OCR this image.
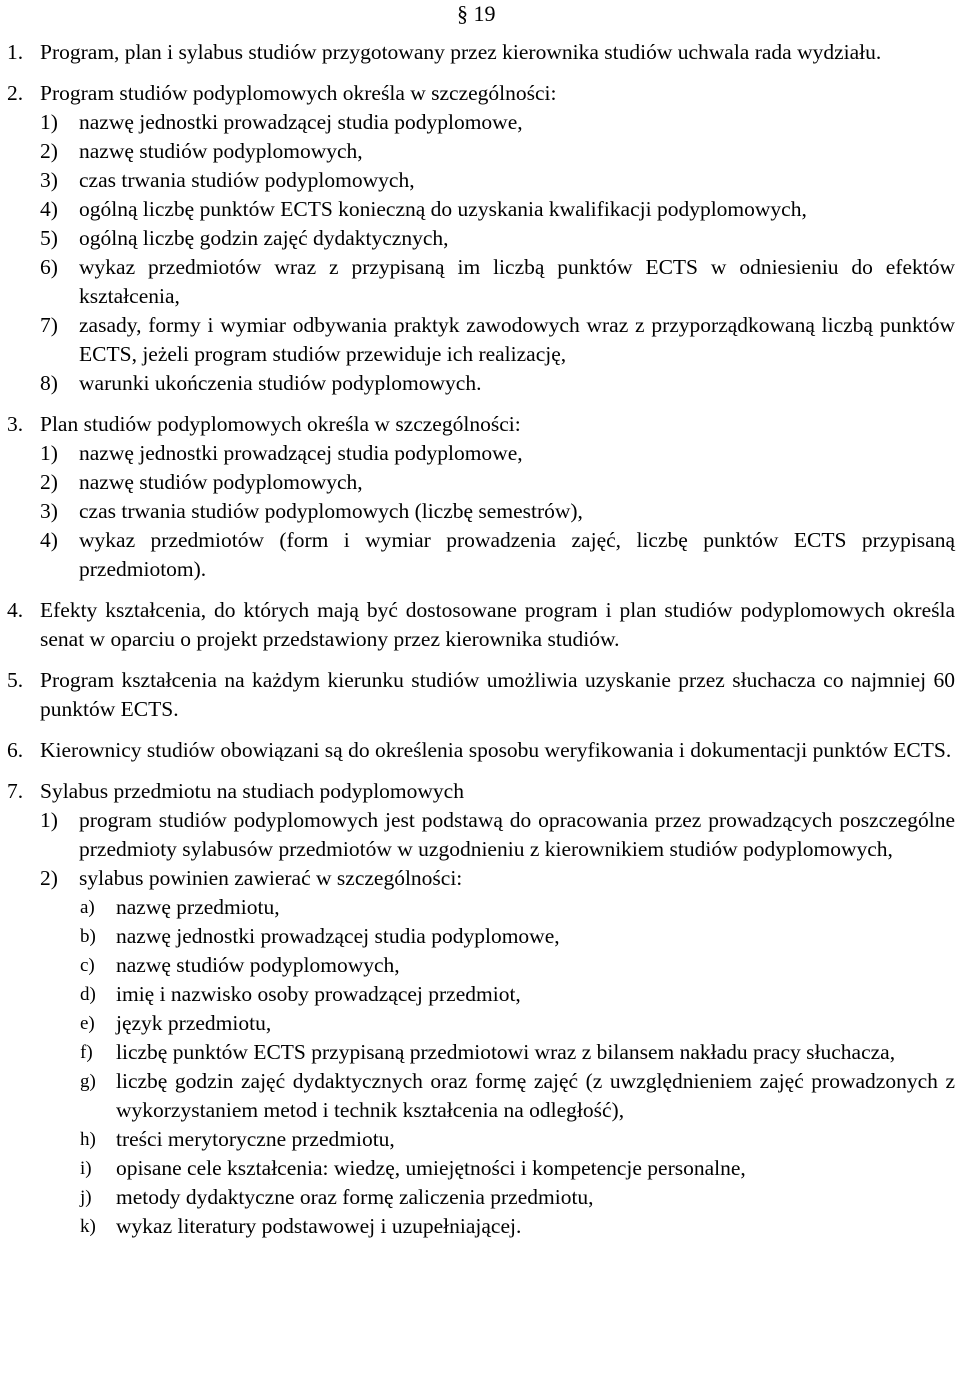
§ 19
1. Program, plan i sylabus studiów przygotowany przez kierownika studiów uchwala rada wydziału.
2. Program studiów podyplomowych określa w szczególności:
1) nazwę jednostki prowadzącej studia podyplomowe,
2) nazwę studiów podyplomowych,
3) czas trwania studiów podyplomowych,
4) ogólną liczbę punktów ECTS konieczną do uzyskania kwalifikacji podyplomowych,
5) ogólną liczbę godzin zajęć dydaktycznych,
6) wykaz przedmiotów wraz z przypisaną im liczbą punktów ECTS w odniesieniu do efektów kształcenia,
7) zasady, formy i wymiar odbywania praktyk zawodowych wraz z przyporządkowaną liczbą punktów ECTS, jeżeli program studiów przewiduje ich realizację,
8) warunki ukończenia studiów podyplomowych.
3. Plan studiów podyplomowych określa w szczególności:
1) nazwę jednostki prowadzącej studia podyplomowe,
2) nazwę studiów podyplomowych,
3) czas trwania studiów podyplomowych (liczbę semestrów),
4) wykaz przedmiotów (form i wymiar prowadzenia zajęć, liczbę punktów ECTS przypisaną przedmiotom).
4. Efekty kształcenia, do których mają być dostosowane program i plan studiów podyplomowych określa senat w oparciu o projekt przedstawiony przez kierownika studiów.
5. Program kształcenia na każdym kierunku studiów umożliwia uzyskanie przez słuchacza co najmniej 60 punktów ECTS.
6. Kierownicy studiów obowiązani są do określenia sposobu weryfikowania i dokumentacji punktów ECTS.
7. Sylabus przedmiotu na studiach podyplomowych
1) program studiów podyplomowych jest podstawą do opracowania przez prowadzących poszczególne przedmioty sylabusów przedmiotów w uzgodnieniu z kierownikiem studiów podyplomowych,
2) sylabus powinien zawierać w szczególności:
a) nazwę przedmiotu,
b) nazwę jednostki prowadzącej studia podyplomowe,
c) nazwę studiów podyplomowych,
d) imię i nazwisko osoby prowadzącej przedmiot,
e) język przedmiotu,
f) liczbę punktów ECTS przypisaną przedmiotowi wraz z bilansem nakładu pracy słuchacza,
g) liczbę godzin zajęć dydaktycznych oraz formę zajęć (z uwzględnieniem zajęć prowadzonych z wykorzystaniem metod i technik kształcenia na odległość),
h) treści merytoryczne przedmiotu,
i) opisane cele kształcenia: wiedzę, umiejętności i kompetencje personalne,
j) metody dydaktyczne oraz formę zaliczenia przedmiotu,
k) wykaz literatury podstawowej i uzupełniającej.
